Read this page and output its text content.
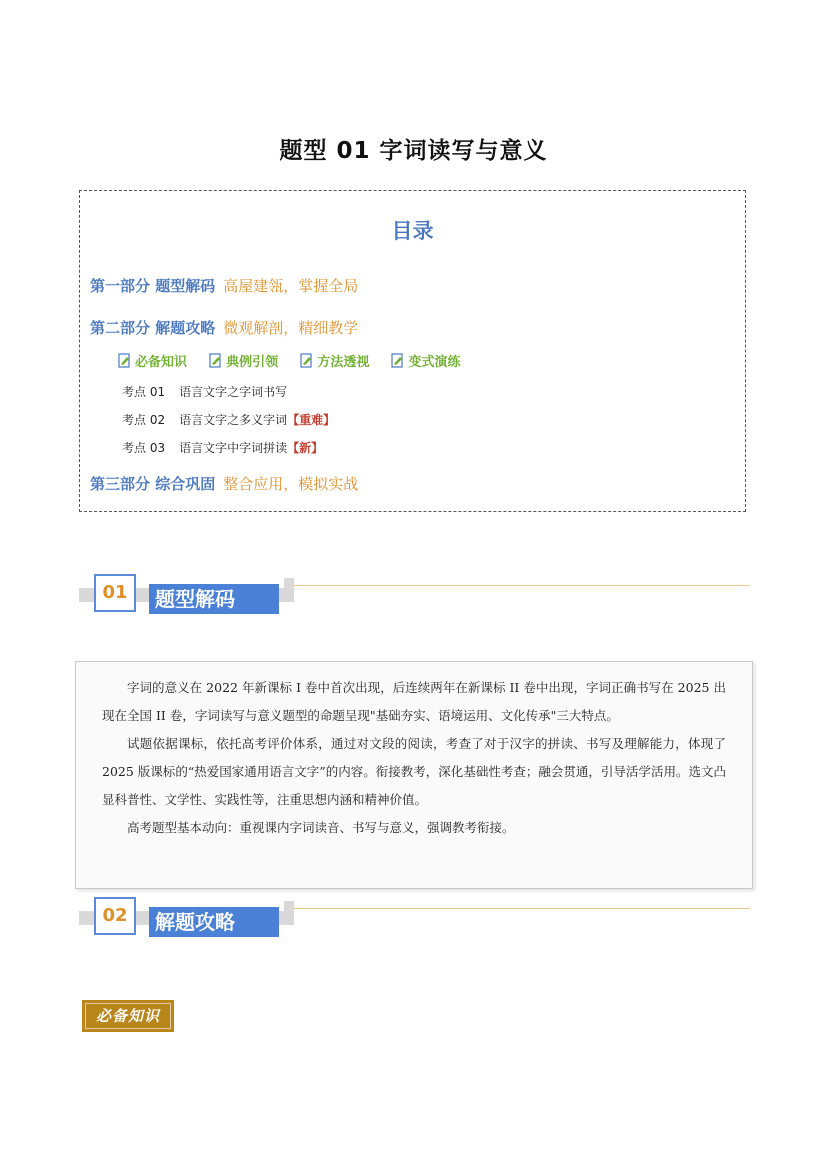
题型 01 字词读写与意义
目录
第一部分 题型解码 高屋建瓴，掌握全局
第二部分 解题攻略 微观解剖，精细教学
必备知识
	典例引领
	方法透视
	变式演练
考点 01 语言文字之字词书写
考点 02 语言文字之多义字词【重难】
考点 03 语言文字中字词拼读【新】
第三部分 综合巩固 整合应用，模拟实战
题型解码
01

字词的意义在 2022 年新课标 I 卷中首次出现，后连续两年在新课标 II 卷中出现，字词正确书写在 2025 出现在全国 II 卷，字词读写与意义题型的命题呈现"基础夯实、语境运用、文化传承"三大特点。

试题依据课标，依托高考评价体系，通过对文段的阅读，考查了对于汉字的拼读、书写及理解能力，体现了 2025 版课标的“热爱国家通用语言文字”的内容。衔接教考，深化基础性考查；融会贯通，引导活学活用。选文凸显科普性、文学性、实践性等，注重思想内涵和精神价值。

高考题型基本动向：重视课内字词读音、书写与意义，强调教考衔接。

解题攻略
02
必备知识
